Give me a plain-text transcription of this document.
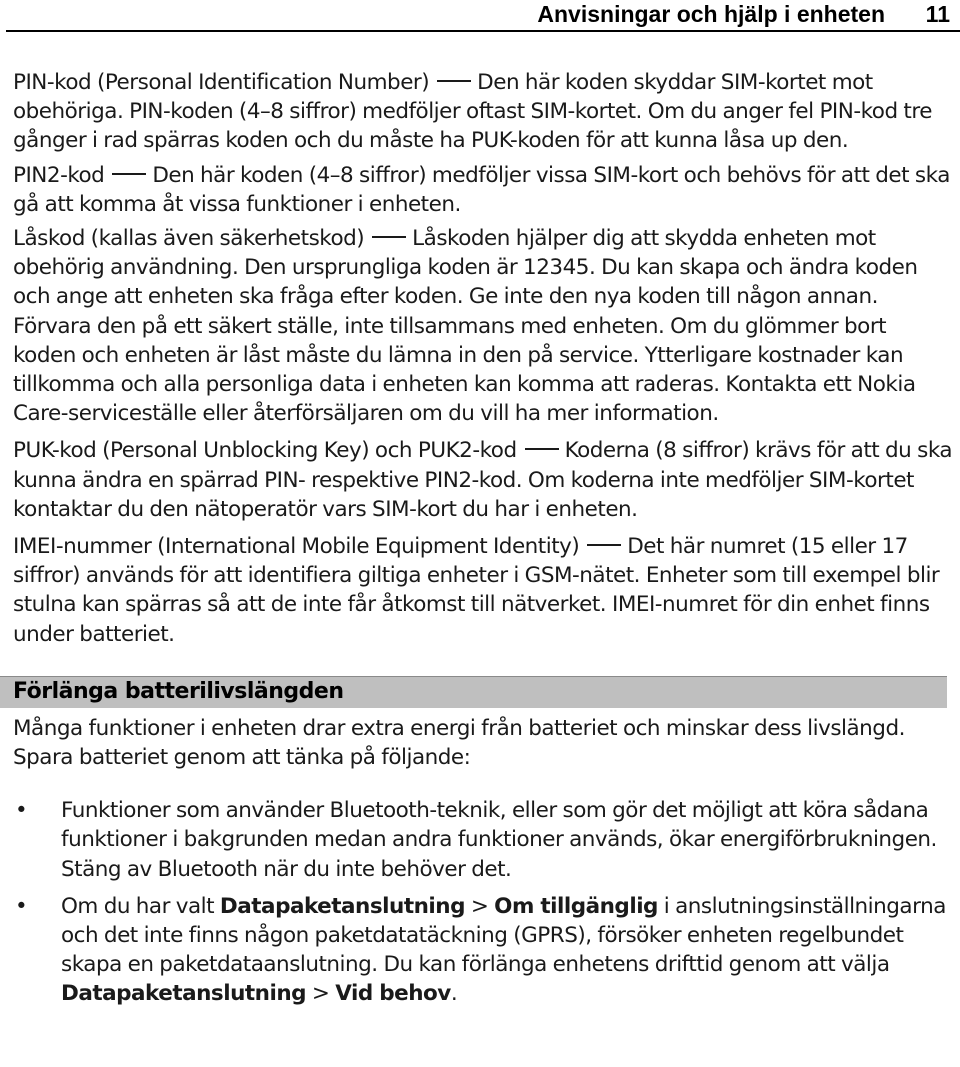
Anvisningar och hjälp i enheten 11

PIN-kod (Personal Identification Number) Den här koden skyddar SIM-kortet mot obehöriga. PIN-koden (4–8 siffror) medföljer oftast SIM-kortet. Om du anger fel PIN-kod tre gånger i rad spärras koden och du måste ha PUK-koden för att kunna låsa up den.

PIN2-kod Den här koden (4–8 siffror) medföljer vissa SIM-kort och behövs för att det ska gå att komma åt vissa funktioner i enheten.

Låskod (kallas även säkerhetskod) Låskoden hjälper dig att skydda enheten mot obehörig användning. Den ursprungliga koden är 12345. Du kan skapa och ändra koden och ange att enheten ska fråga efter koden. Ge inte den nya koden till någon annan. Förvara den på ett säkert ställe, inte tillsammans med enheten. Om du glömmer bort koden och enheten är låst måste du lämna in den på service. Ytterligare kostnader kan tillkomma och alla personliga data i enheten kan komma att raderas. Kontakta ett Nokia Care-serviceställe eller återförsäljaren om du vill ha mer information.

PUK-kod (Personal Unblocking Key) och PUK2-kod Koderna (8 siffror) krävs för att du ska kunna ändra en spärrad PIN- respektive PIN2-kod. Om koderna inte medföljer SIM-kortet kontaktar du den nätoperatör vars SIM-kort du har i enheten.

IMEI-nummer (International Mobile Equipment Identity) Det här numret (15 eller 17 siffror) används för att identifiera giltiga enheter i GSM-nätet. Enheter som till exempel blir stulna kan spärras så att de inte får åtkomst till nätverket. IMEI-numret för din enhet finns under batteriet.

Förlänga batterilivslängden

Många funktioner i enheten drar extra energi från batteriet och minskar dess livslängd. Spara batteriet genom att tänka på följande:

• Funktioner som använder Bluetooth-teknik, eller som gör det möjligt att köra sådana funktioner i bakgrunden medan andra funktioner används, ökar energiförbrukningen. Stäng av Bluetooth när du inte behöver det.
• Om du har valt Datapaketanslutning > Om tillgänglig i anslutningsinställningarna och det inte finns någon paketdatatäckning (GPRS), försöker enheten regelbundet skapa en paketdataanslutning. Du kan förlänga enhetens drifttid genom att välja Datapaketanslutning > Vid behov.
